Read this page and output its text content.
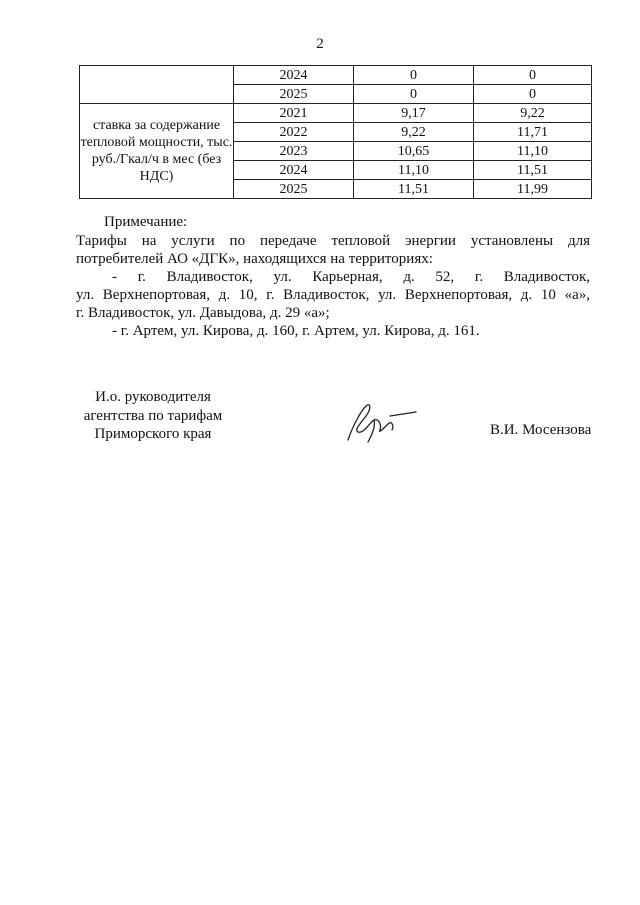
2
	2024	0	0
	2025	0	0
ставка за содержание тепловой мощности, тыс. руб./Гкал/ч в мес (без НДС)	2021	9,17	9,22
	2022	9,22	11,71
	2023	10,65	11,10
	2024	11,10	11,51
	2025	11,51	11,99
Примечание:
Тарифы на услуги по передаче тепловой энергии установлены для
потребителей АО «ДГК», находящихся на территориях:
- г. Владивосток, ул. Карьерная, д. 52, г. Владивосток,
ул. Верхнепортовая, д. 10, г. Владивосток, ул. Верхнепортовая, д. 10 «а»,
г. Владивосток, ул. Давыдова, д. 29 «а»;
- г. Артем, ул. Кирова, д. 160, г. Артем, ул. Кирова, д. 161.
И.о. руководителя
агентства по тарифам
Приморского края	В.И. Мосензова
